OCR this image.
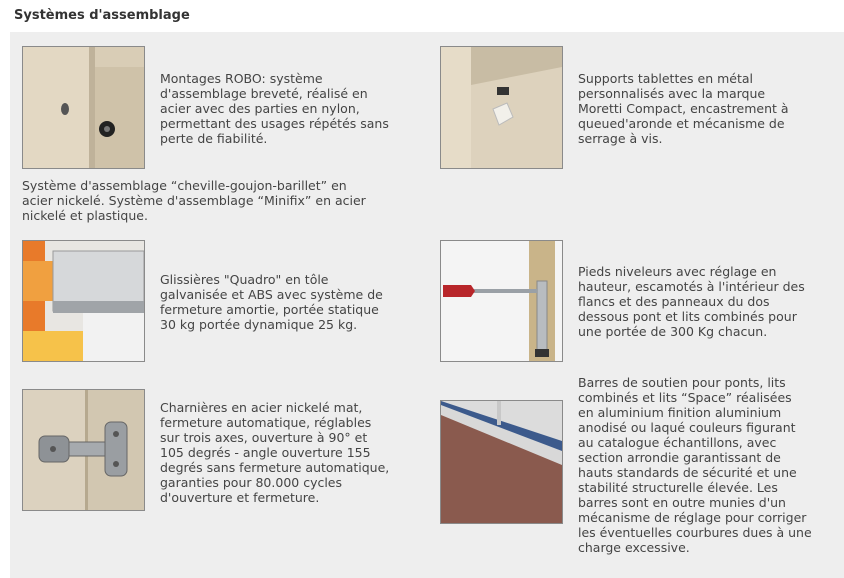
Systèmes d'assemblage
Montages ROBO: système
d'assemblage breveté, réalisé en
acier avec des parties en nylon,
permettant des usages répétés sans
perte de fiabilité.
Supports tablettes en métal
personnalisés avec la marque
Moretti Compact, encastrement à
queued'aronde et mécanisme de
serrage à vis.
Système d'assemblage “cheville-goujon-barillet” en
acier nickelé. Système d'assemblage “Minifix” en acier
nickelé et plastique.
Glissières "Quadro" en tôle
galvanisée et ABS avec système de
fermeture amortie, portée statique
30 kg portée dynamique 25 kg.
Pieds niveleurs avec réglage en
hauteur, escamotés à l'intérieur des
flancs et des panneaux du dos
dessous pont et lits combinés pour
une portée de 300 Kg chacun.
Charnières en acier nickelé mat,
fermeture automatique, réglables
sur trois axes, ouverture à 90° et
105 degrés - angle ouverture 155
degrés sans fermeture automatique,
garanties pour 80.000 cycles
d'ouverture et fermeture.
Barres de soutien pour ponts, lits
combinés et lits “Space” réalisées
en aluminium finition aluminium
anodisé ou laqué couleurs figurant
au catalogue échantillons, avec
section arrondie garantissant de
hauts standards de sécurité et une
stabilité structurelle élevée. Les
barres sont en outre munies d'un
mécanisme de réglage pour corriger
les éventuelles courbures dues à une
charge excessive.
